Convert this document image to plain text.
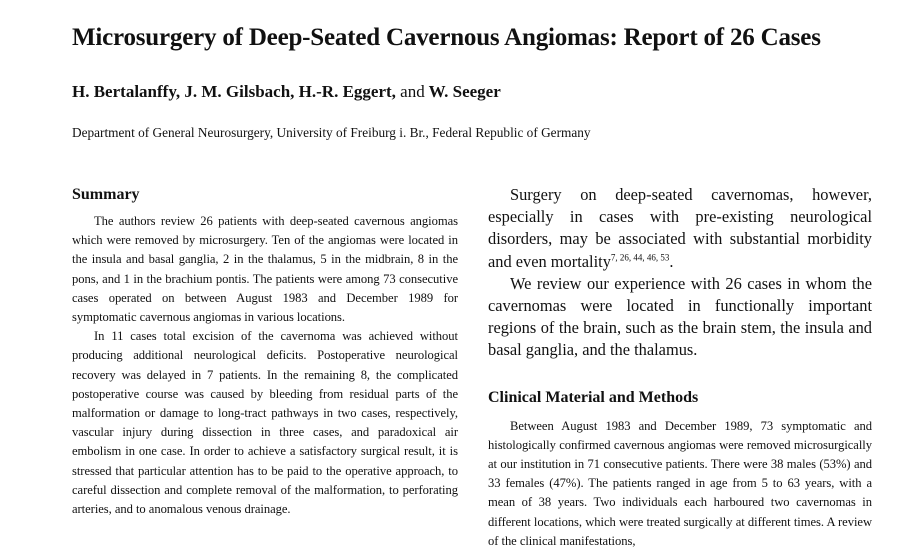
Microsurgery of Deep-Seated Cavernous Angiomas: Report of 26 Cases
H. Bertalanffy, J. M. Gilsbach, H.-R. Eggert, and W. Seeger
Department of General Neurosurgery, University of Freiburg i. Br., Federal Republic of Germany
Summary

The authors review 26 patients with deep-seated cavernous angiomas which were removed by microsurgery. Ten of the angiomas were located in the insula and basal ganglia, 2 in the thalamus, 5 in the midbrain, 8 in the pons, and 1 in the brachium pontis. The patients were among 73 consecutive cases operated on between August 1983 and December 1989 for symptomatic cavernous angiomas in various locations.

In 11 cases total excision of the cavernoma was achieved without producing additional neurological deficits. Postoperative neurological recovery was delayed in 7 patients. In the remaining 8, the complicated postoperative course was caused by bleeding from residual parts of the malformation or damage to long-tract pathways in two cases, respectively, vascular injury during dissection in three cases, and paradoxical air embolism in one case. In order to achieve a satisfactory surgical result, it is stressed that particular attention has to be paid to the operative approach, to careful dissection and complete removal of the malformation, to perforating arteries, and to anomalous venous drainage.

Surgery on deep-seated cavernomas, however, especially in cases with pre-existing neurological disorders, may be associated with substantial morbidity and even mortality$^{7, 26, 44, 46, 53}$.

We review our experience with 26 cases in whom the cavernomas were located in functionally important regions of the brain, such as the brain stem, the insula and basal ganglia, and the thalamus.

Clinical Material and Methods

Between August 1983 and December 1989, 73 symptomatic and histologically confirmed cavernous angiomas were removed microsurgically at our institution in 71 consecutive patients. There were 38 males (53%) and 33 females (47%). The patients ranged in age from 5 to 63 years, with a mean of 38 years. Two individuals each harboured two cavernomas in different locations, which were treated surgically at different times. A review of the clinical manifestations,
